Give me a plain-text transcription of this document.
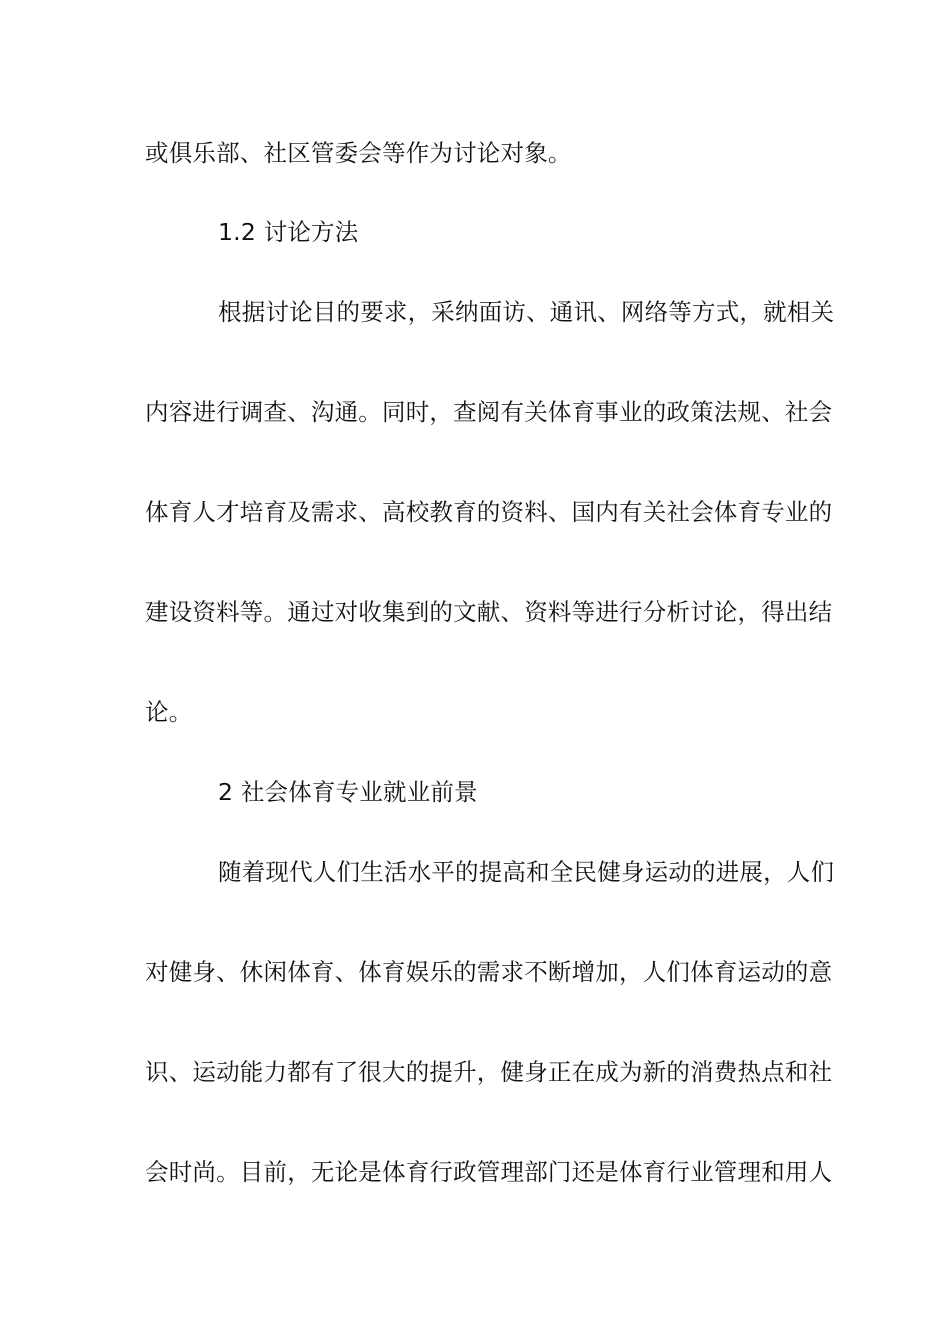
或俱乐部、社区管委会等作为讨论对象。
1.2 讨论方法
根据讨论目的要求，采纳面访、通讯、网络等方式，就相关
内容进行调查、沟通。同时，查阅有关体育事业的政策法规、社会
体育人才培育及需求、高校教育的资料、国内有关社会体育专业的
建设资料等。通过对收集到的文献、资料等进行分析讨论，得出结
论。
2 社会体育专业就业前景
随着现代人们生活水平的提高和全民健身运动的进展，人们
对健身、休闲体育、体育娱乐的需求不断增加，人们体育运动的意
识、运动能力都有了很大的提升，健身正在成为新的消费热点和社
会时尚。目前，无论是体育行政管理部门还是体育行业管理和用人
